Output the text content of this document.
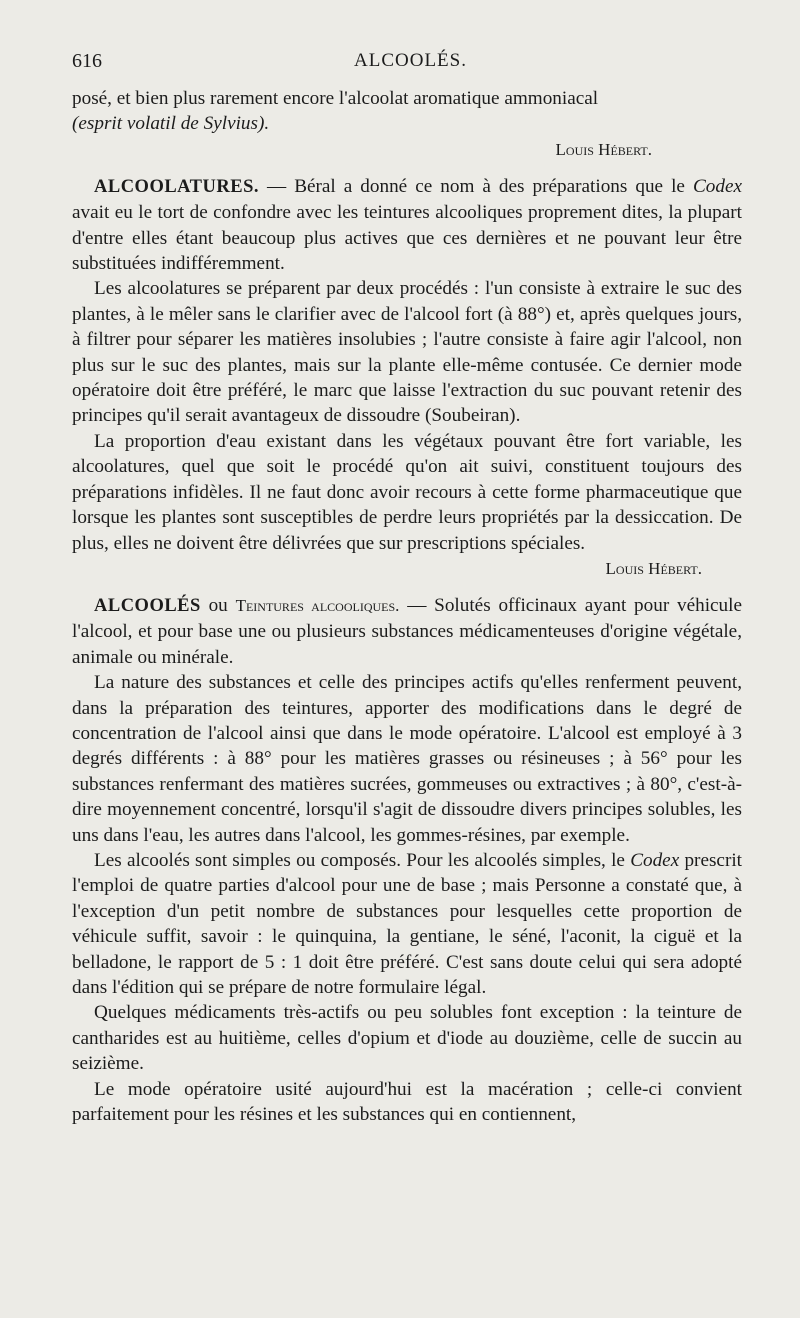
616	ALCOOLÉS.

posé, et bien plus rarement encore l'alcoolat aromatique ammoniacal
(esprit volatil de Sylvius).

Louis Hébert.

ALCOOLATURES. — Béral a donné ce nom à des préparations que le Codex avait eu le tort de confondre avec les teintures alcooliques proprement dites, la plupart d'entre elles étant beaucoup plus actives que ces dernières et ne pouvant leur être substituées indifféremment.

Les alcoolatures se préparent par deux procédés : l'un consiste à extraire le suc des plantes, à le mêler sans le clarifier avec de l'alcool fort (à 88°) et, après quelques jours, à filtrer pour séparer les matières insolubies ; l'autre consiste à faire agir l'alcool, non plus sur le suc des plantes, mais sur la plante elle-même contusée. Ce dernier mode opératoire doit être préféré, le marc que laisse l'extraction du suc pouvant retenir des principes qu'il serait avantageux de dissoudre (Soubeiran).

La proportion d'eau existant dans les végétaux pouvant être fort variable, les alcoolatures, quel que soit le procédé qu'on ait suivi, constituent toujours des préparations infidèles. Il ne faut donc avoir recours à cette forme pharmaceutique que lorsque les plantes sont susceptibles de perdre leurs propriétés par la dessiccation. De plus, elles ne doivent être délivrées que sur prescriptions spéciales.

Louis Hébert.

ALCOOLÉS ou Teintures alcooliques. — Solutés officinaux ayant pour véhicule l'alcool, et pour base une ou plusieurs substances médicamenteuses d'origine végétale, animale ou minérale.

La nature des substances et celle des principes actifs qu'elles renferment peuvent, dans la préparation des teintures, apporter des modifications dans le degré de concentration de l'alcool ainsi que dans le mode opératoire. L'alcool est employé à 3 degrés différents : à 88° pour les matières grasses ou résineuses ; à 56° pour les substances renfermant des matières sucrées, gommeuses ou extractives ; à 80°, c'est-à-dire moyennement concentré, lorsqu'il s'agit de dissoudre divers principes solubles, les uns dans l'eau, les autres dans l'alcool, les gommes-résines, par exemple.

Les alcoolés sont simples ou composés. Pour les alcoolés simples, le Codex prescrit l'emploi de quatre parties d'alcool pour une de base ; mais Personne a constaté que, à l'exception d'un petit nombre de substances pour lesquelles cette proportion de véhicule suffit, savoir : le quinquina, la gentiane, le séné, l'aconit, la ciguë et la belladone, le rapport de 5 : 1 doit être préféré. C'est sans doute celui qui sera adopté dans l'édition qui se prépare de notre formulaire légal.

Quelques médicaments très-actifs ou peu solubles font exception : la teinture de cantharides est au huitième, celles d'opium et d'iode au douzième, celle de succin au seizième.

Le mode opératoire usité aujourd'hui est la macération ; celle-ci convient parfaitement pour les résines et les substances qui en contiennent,
